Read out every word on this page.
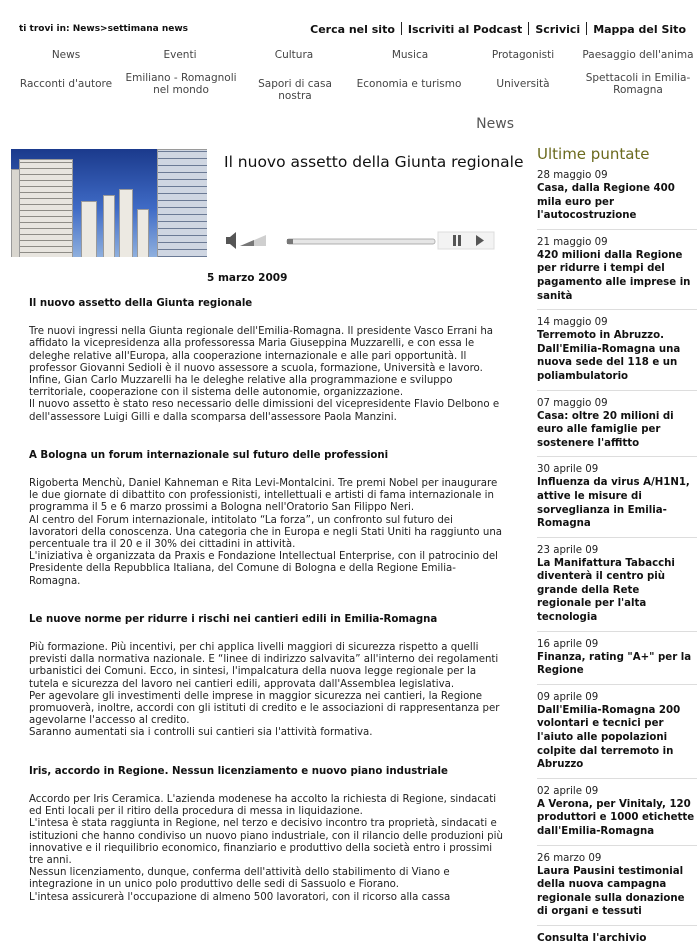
ti trovi in: News>settimana news	Cerca nel sito Iscriviti al Podcast Scrivici Mappa del Sito
News	Eventi	Cultura	Musica	Protagonisti	Paesaggio dell'anima
Racconti d'autore	Emiliano - Romagnoli nel mondo	Sapori di casa nostra
Economia e turismo	Università	Spettacoli in Emilia-Romagna
News
Il nuovo assetto della Giunta regionale
5 marzo 2009
Il nuovo assetto della Giunta regionale

Tre nuovi ingressi nella Giunta regionale dell'Emilia-Romagna. Il presidente Vasco Errani ha affidato la vicepresidenza alla professoressa Maria Giuseppina Muzzarelli, e con essa le deleghe relative all'Europa, alla cooperazione internazionale e alle pari opportunità. Il professor Giovanni Sedioli è il nuovo assessore a scuola, formazione, Università e lavoro. Infine, Gian Carlo Muzzarelli ha le deleghe relative alla programmazione e sviluppo territoriale, cooperazione con il sistema delle autonomie, organizzazione.
Il nuovo assetto è stato reso necessario delle dimissioni del vicepresidente Flavio Delbono e dell'assessore Luigi Gilli e dalla scomparsa dell'assessore Paola Manzini.

A Bologna un forum internazionale sul futuro delle professioni

Rigoberta Menchù, Daniel Kahneman e Rita Levi-Montalcini. Tre premi Nobel per inaugurare le due giornate di dibattito con professionisti, intellettuali e artisti di fama internazionale in programma il 5 e 6 marzo prossimi a Bologna nell'Oratorio San Filippo Neri.
Al centro del Forum internazionale, intitolato “La forza”, un confronto sul futuro dei lavoratori della conoscenza. Una categoria che in Europa e negli Stati Uniti ha raggiunto una percentuale tra il 20 e il 30% dei cittadini in attività.
L'iniziativa è organizzata da Praxis e Fondazione Intellectual Enterprise, con il patrocinio del Presidente della Repubblica Italiana, del Comune di Bologna e della Regione Emilia-Romagna.

Le nuove norme per ridurre i rischi nei cantieri edili in Emilia-Romagna

Più formazione. Più incentivi, per chi applica livelli maggiori di sicurezza rispetto a quelli previsti dalla normativa nazionale. E “linee di indirizzo salvavita” all'interno dei regolamenti urbanistici dei Comuni. Ecco, in sintesi, l'impalcatura della nuova legge regionale per la tutela e sicurezza del lavoro nei cantieri edili, approvata dall'Assemblea legislativa.
Per agevolare gli investimenti delle imprese in maggior sicurezza nei cantieri, la Regione promuoverà, inoltre, accordi con gli istituti di credito e le associazioni di rappresentanza per agevolarne l'accesso al credito.
Saranno aumentati sia i controlli sui cantieri sia l'attività formativa.

Iris, accordo in Regione. Nessun licenziamento e nuovo piano industriale

Accordo per Iris Ceramica. L'azienda modenese ha accolto la richiesta di Regione, sindacati ed Enti locali per il ritiro della procedura di messa in liquidazione.
L'intesa è stata raggiunta in Regione, nel terzo e decisivo incontro tra proprietà, sindacati e istituzioni che hanno condiviso un nuovo piano industriale, con il rilancio delle produzioni più innovative e il riequilibrio economico, finanziario e produttivo della società entro i prossimi tre anni.
Nessun licenziamento, dunque, conferma dell'attività dello stabilimento di Viano e integrazione in un unico polo produttivo delle sedi di Sassuolo e Fiorano.
L'intesa assicurerà l'occupazione di almeno 500 lavoratori, con il ricorso alla cassa

Ultime puntate
28 maggio 09
Casa, dalla Regione 400 mila euro per l'autocostruzione
21 maggio 09
420 milioni dalla Regione per ridurre i tempi del pagamento alle imprese in sanità
14 maggio 09
Terremoto in Abruzzo. Dall'Emilia-Romagna una nuova sede del 118 e un poliambulatorio
07 maggio 09
Casa: oltre 20 milioni di euro alle famiglie per sostenere l'affitto
30 aprile 09
Influenza da virus A/H1N1, attive le misure di sorveglianza in Emilia-Romagna
23 aprile 09
La Manifattura Tabacchi diventerà il centro più grande della Rete regionale per l'alta tecnologia
16 aprile 09
Finanza, rating "A+" per la Regione
09 aprile 09
Dall'Emilia-Romagna 200 volontari e tecnici per l'aiuto alle popolazioni colpite dal terremoto in Abruzzo
02 aprile 09
A Verona, per Vinitaly, 120 produttori e 1000 etichette dall'Emilia-Romagna
26 marzo 09
Laura Pausini testimonial della nuova campagna regionale sulla donazione di organi e tessuti
Consulta l'archivio
